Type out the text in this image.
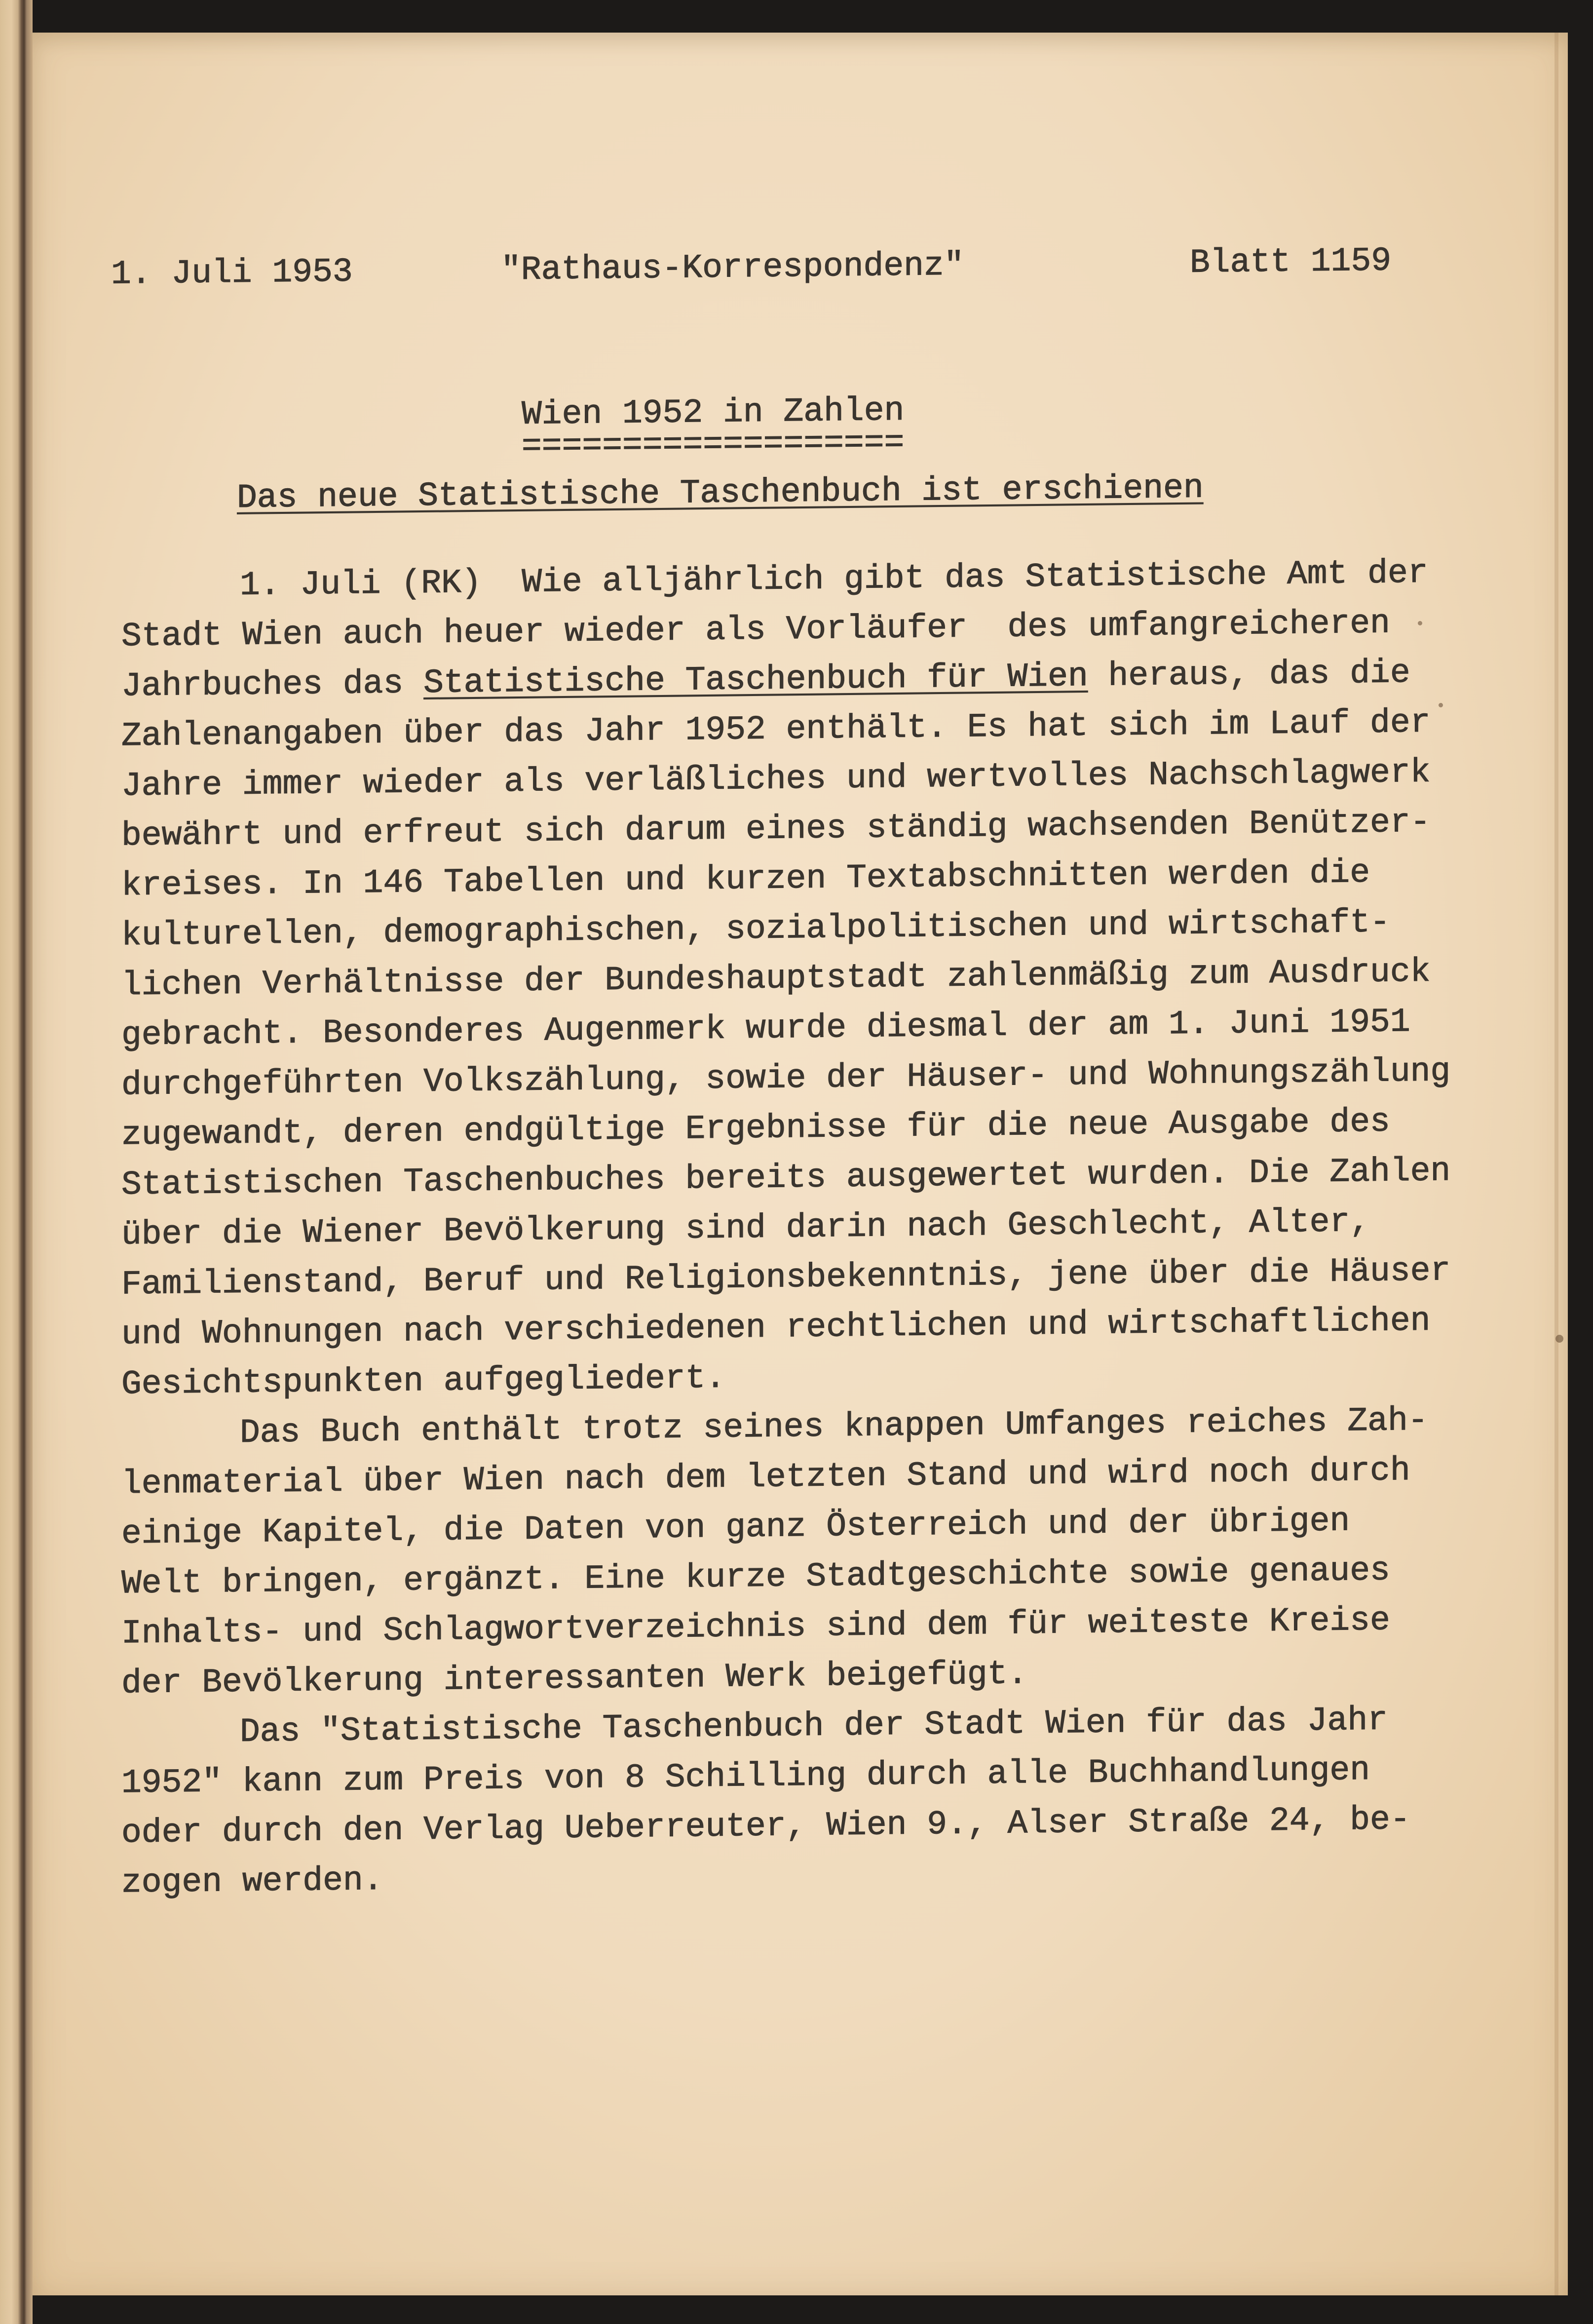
1. Juli 1953	"Rathaus-Korrespondenz"	Blatt 1159
Wien 1952 in Zahlen
===================
Das neue Statistische Taschenbuch ist erschienen
1. Juli (RK)  Wie alljährlich gibt das Statistische Amt der
Stadt Wien auch heuer wieder als Vorläufer  des umfangreicheren
Jahrbuches das Statistische Taschenbuch für Wien heraus, das die
Zahlenangaben über das Jahr 1952 enthält. Es hat sich im Lauf der
Jahre immer wieder als verläßliches und wertvolles Nachschlagwerk
bewährt und erfreut sich darum eines ständig wachsenden Benützer-
kreises. In 146 Tabellen und kurzen Textabschnitten werden die
kulturellen, demographischen, sozialpolitischen und wirtschaft-
lichen Verhältnisse der Bundeshauptstadt zahlenmäßig zum Ausdruck
gebracht. Besonderes Augenmerk wurde diesmal der am 1. Juni 1951
durchgeführten Volkszählung, sowie der Häuser- und Wohnungszählung
zugewandt, deren endgültige Ergebnisse für die neue Ausgabe des
Statistischen Taschenbuches bereits ausgewertet wurden. Die Zahlen
über die Wiener Bevölkerung sind darin nach Geschlecht, Alter,
Familienstand, Beruf und Religionsbekenntnis, jene über die Häuser
und Wohnungen nach verschiedenen rechtlichen und wirtschaftlichen
Gesichtspunkten aufgegliedert.
Das Buch enthält trotz seines knappen Umfanges reiches Zah-
lenmaterial über Wien nach dem letzten Stand und wird noch durch
einige Kapitel, die Daten von ganz Österreich und der übrigen
Welt bringen, ergänzt. Eine kurze Stadtgeschichte sowie genaues
Inhalts- und Schlagwortverzeichnis sind dem für weiteste Kreise
der Bevölkerung interessanten Werk beigefügt.
Das "Statistische Taschenbuch der Stadt Wien für das Jahr
1952" kann zum Preis von 8 Schilling durch alle Buchhandlungen
oder durch den Verlag Ueberreuter, Wien 9., Alser Straße 24, be-
zogen werden.
